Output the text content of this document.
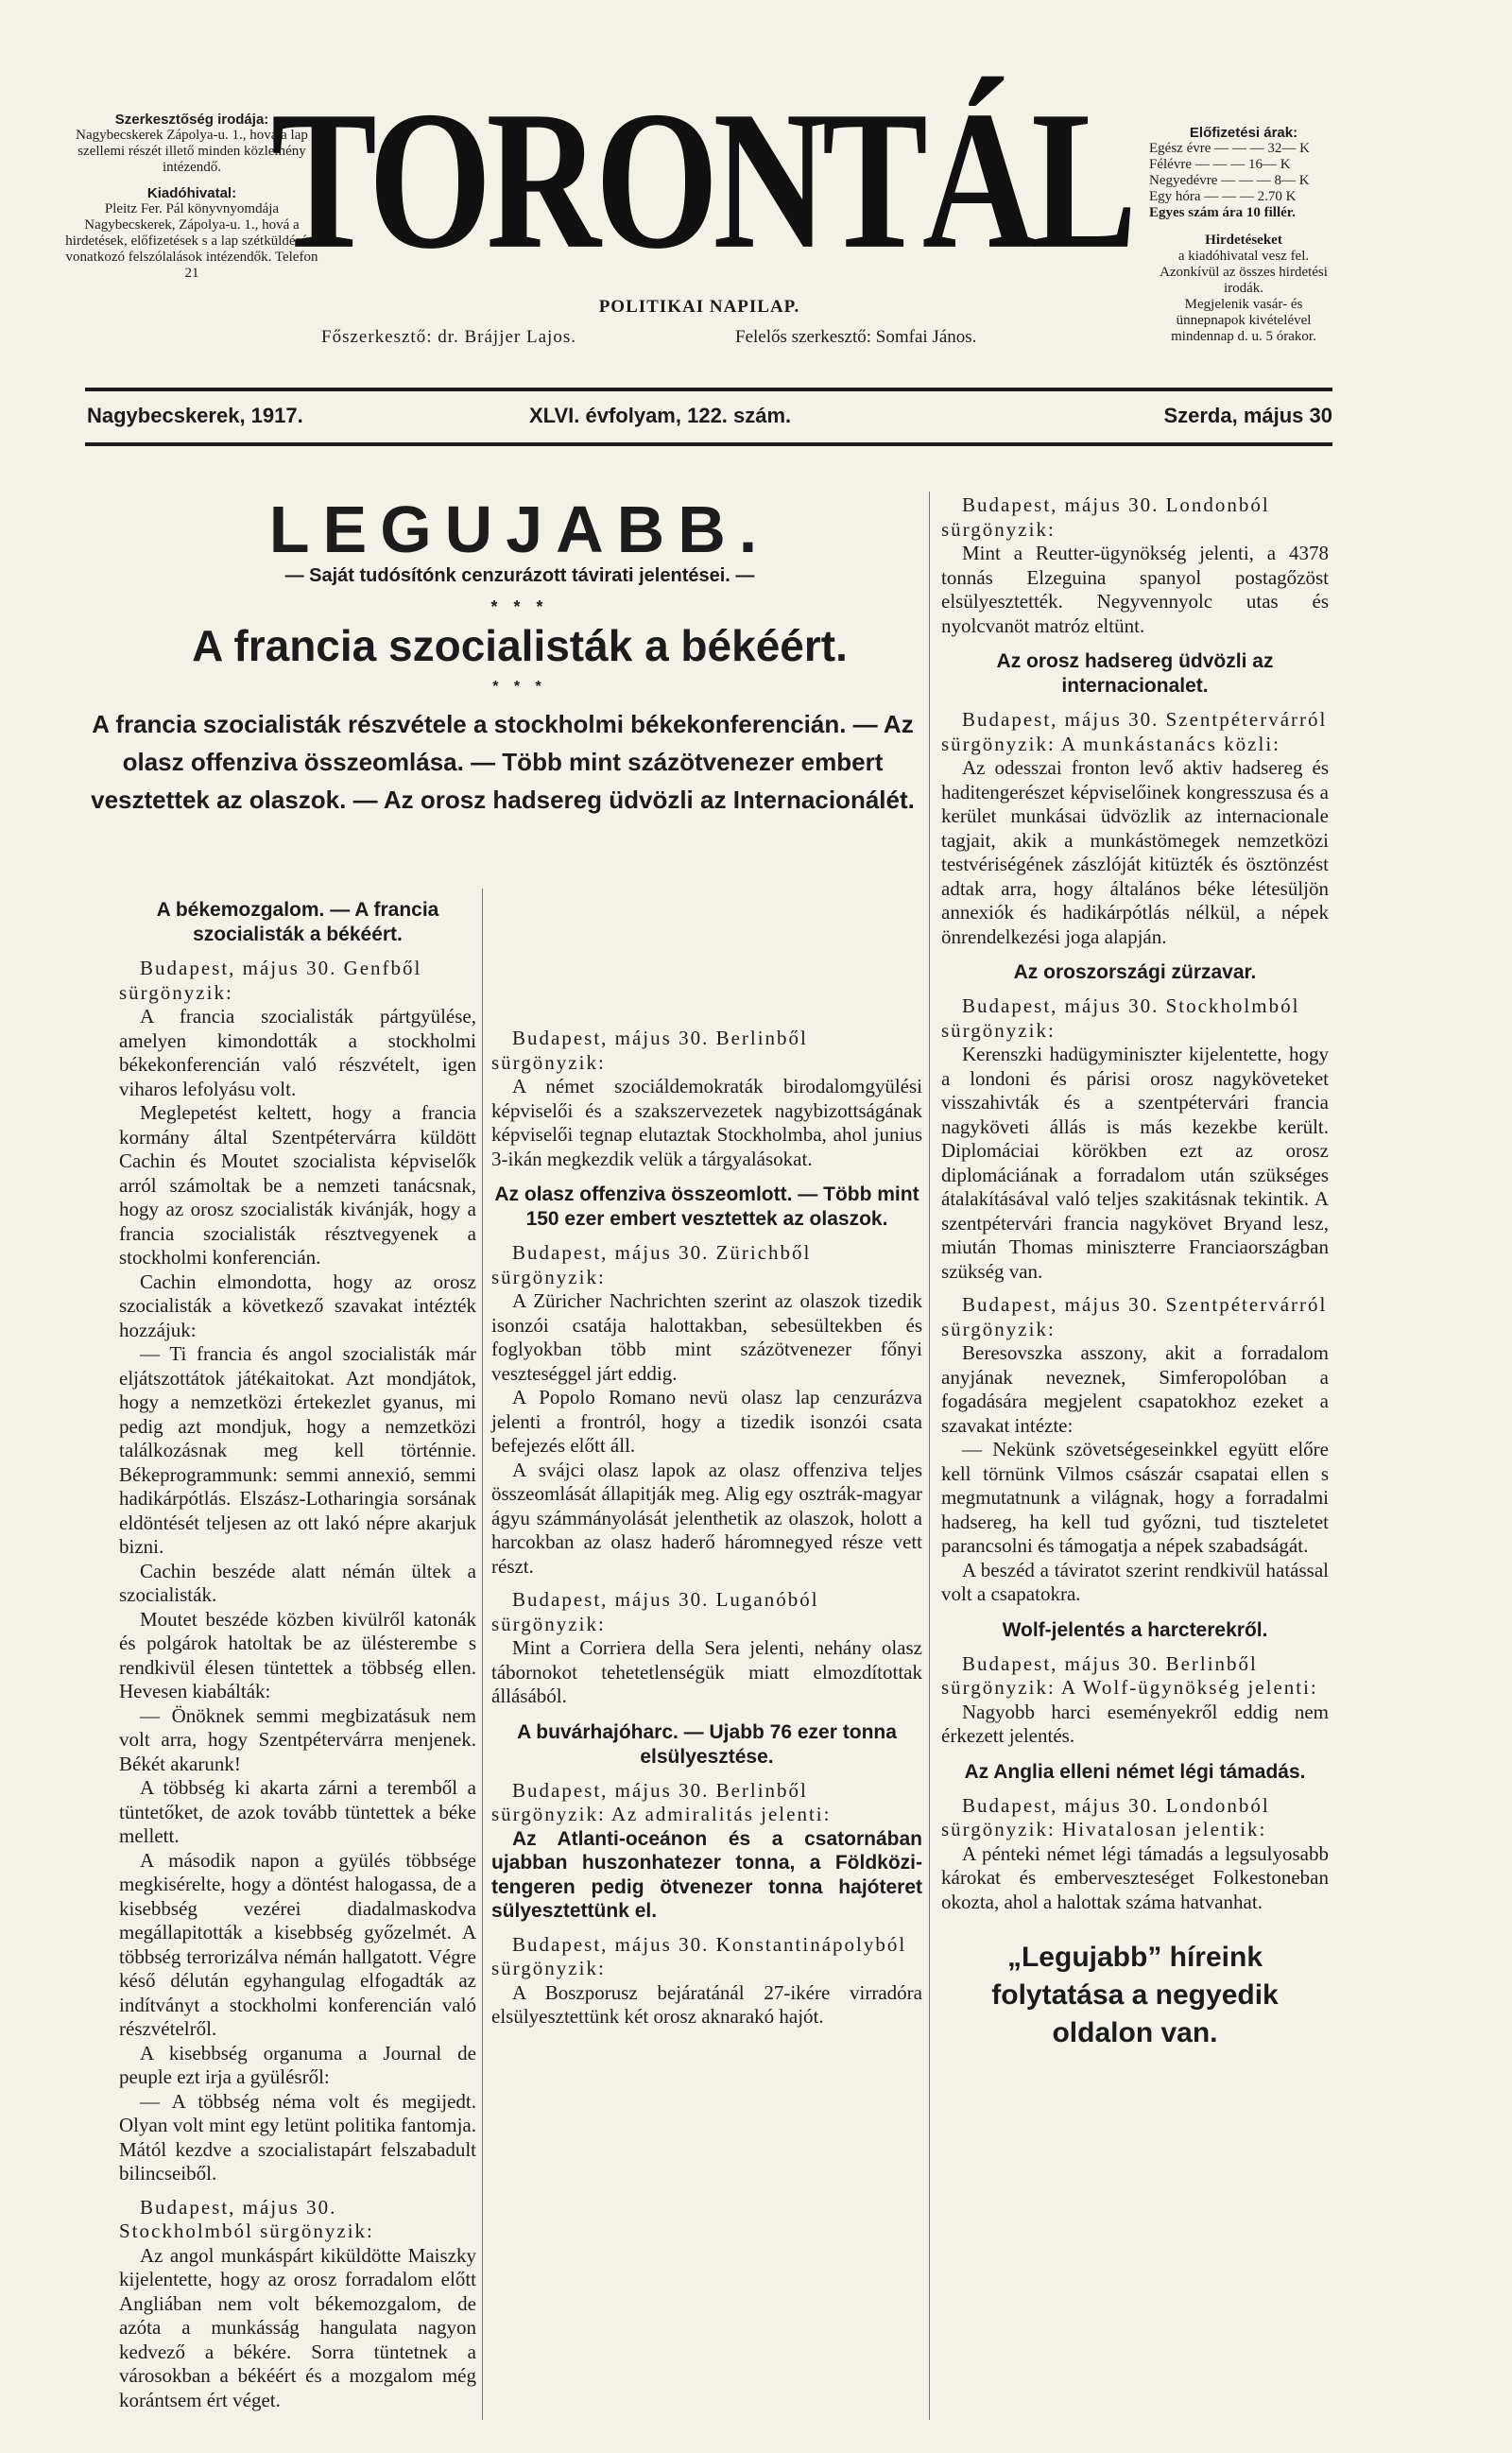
Szerkesztőség irodája:
Nagybecskerek Zápolya-u. 1., hová a lap szellemi részét illető minden közlemény intézendő.
Kiadóhivatal:
Pleitz Fer. Pál könyvnyomdája Nagybecskerek, Zápolya-u. 1., hová a hirdetések, előfizetések s a lap szétküldésére vonatkozó felszólalások intézendők. Telefon 21 TORONTÁL
POLITIKAI NAPILAP.
Főszerkesztő: dr. Brájjer Lajos.	Felelős szerkesztő: Somfai János.
Előfizetési árak:
Egész évre — — — 32— K
Félévre — — — 16— K
Negyedévre — — — 8— K
Egy hóra — — — 2.70 K
Egyes szám ára 10 fillér.
Hirdetéseket
a kiadóhivatal vesz fel. Azonkívül az összes hirdetési irodák.
Megjelenik vasár- és ünnepnapok kivételével mindennap d. u. 5 órakor.
Nagybecskerek, 1917.	XLVI. évfolyam, 122. szám.	Szerda, május 30
LEGUJABB.
— Saját tudósítónk cenzurázott távirati jelentései. —
* * *
A francia szocialisták a békéért.
* * *
A francia szocialisták részvétele a stockholmi békekonferencián. — Az olasz offenziva összeomlása. — Több mint százötvenezer embert vesztettek az olaszok. — Az orosz hadsereg üdvözli az Internacionálét.
A békemozgalom. — A francia szocialisták a békéért.
Budapest, május 30. Genfből sürgönyzik:

A francia szocialisták pártgyülése, amelyen kimondották a stockholmi békekonferencián való részvételt, igen viharos lefolyásu volt.

Meglepetést keltett, hogy a francia kormány által Szentpétervárra küldött Cachin és Moutet szocialista képviselők arról számoltak be a nemzeti tanácsnak, hogy az orosz szocialisták kivánják, hogy a francia szocialisták résztvegyenek a stockholmi konferencián.

Cachin elmondotta, hogy az orosz szocialisták a következő szavakat intézték hozzájuk:

— Ti francia és angol szocialisták már eljátszottátok játékaitokat. Azt mondjátok, hogy a nemzetközi értekezlet gyanus, mi pedig azt mondjuk, hogy a nemzetközi találkozásnak meg kell történnie. Békeprogrammunk: semmi annexió, semmi hadikárpótlás. Elszász-Lotharingia sorsának eldöntését teljesen az ott lakó népre akarjuk bizni.

Cachin beszéde alatt némán ültek a szocialisták.

Moutet beszéde közben kivülről katonák és polgárok hatoltak be az ülésterembe s rendkivül élesen tüntettek a többség ellen. Hevesen kiabálták:

— Önöknek semmi megbizatásuk nem volt arra, hogy Szentpétervárra menjenek. Békét akarunk!

A többség ki akarta zárni a teremből a tüntetőket, de azok tovább tüntettek a béke mellett.

A második napon a gyülés többsége megkisérelte, hogy a döntést halogassa, de a kisebbség vezérei diadalmaskodva megállapitották a kisebbség győzelmét. A többség terrorizálva némán hallgatott. Végre késő délután egyhangulag elfogadták az indítványt a stockholmi konferencián való részvételről.

A kisebbség organuma a Journal de peuple ezt irja a gyülésről:

— A többség néma volt és megijedt. Olyan volt mint egy letünt politika fantomja. Mától kezdve a szocialistapárt felszabadult bilincseiből.

Budapest, május 30. Stockholmból sürgönyzik:

Az angol munkáspárt kiküldötte Maiszky kijelentette, hogy az orosz forradalom előtt Angliában nem volt békemozgalom, de azóta a munkásság hangulata nagyon kedvező a békére. Sorra tüntetnek a városokban a békéért és a mozgalom még korántsem ért véget.

Budapest, május 30. Berlinből sürgönyzik:

A német szociáldemokraták birodalomgyülési képviselői és a szakszervezetek nagybizottságának képviselői tegnap elutaztak Stockholmba, ahol junius 3-ikán megkezdik velük a tárgyalásokat.

Az olasz offenziva összeomlott. — Több mint 150 ezer embert vesztettek az olaszok.
Budapest, május 30. Zürichből sürgönyzik:

A Züricher Nachrichten szerint az olaszok tizedik isonzói csatája halottakban, sebesültekben és foglyokban több mint százötvenezer főnyi veszteséggel járt eddig.

A Popolo Romano nevü olasz lap cenzurázva jelenti a frontról, hogy a tizedik isonzói csata befejezés előtt áll.

A svájci olasz lapok az olasz offenziva teljes összeomlását állapitják meg. Alig egy osztrák-magyar ágyu számmányolását jelenthetik az olaszok, holott a harcokban az olasz haderő háromnegyed része vett részt.

Budapest, május 30. Luganóból sürgönyzik:

Mint a Corriera della Sera jelenti, nehány olasz tábornokot tehetetlenségük miatt elmozdítottak állásából.

A buvárhajóharc. — Ujabb 76 ezer tonna elsülyesztése.
Budapest, május 30. Berlinből sürgönyzik: Az admiralitás jelenti:

Az Atlanti-oceánon és a csatornában ujabban huszonhatezer tonna, a Földközi-tengeren pedig ötvenezer tonna hajóteret sülyesztettünk el.

Budapest, május 30. Konstantinápolyból sürgönyzik:

A Boszporusz bejáratánál 27-ikére virradóra elsülyesztettünk két orosz aknarakó hajót.

Budapest, május 30. Londonból sürgönyzik:

Mint a Reutter-ügynökség jelenti, a 4378 tonnás Elzeguina spanyol postagőzöst elsülyesztették. Negyvennyolc utas és nyolcvanöt matróz eltünt.

Az orosz hadsereg üdvözli az internacionalet.
Budapest, május 30. Szentpétervárról sürgönyzik: A munkástanács közli:

Az odesszai fronton levő aktiv hadsereg és haditengerészet képviselőinek kongresszusa és a kerület munkásai üdvözlik az internacionale tagjait, akik a munkástömegek nemzetközi testvériségének zászlóját kitüzték és ösztönzést adtak arra, hogy általános béke létesüljön annexiók és hadikárpótlás nélkül, a népek önrendelkezési joga alapján.

Az oroszországi zürzavar.
Budapest, május 30. Stockholmból sürgönyzik:

Kerenszki hadügyminiszter kijelentette, hogy a londoni és párisi orosz nagyköveteket visszahivták és a szentpétervári francia nagyköveti állás is más kezekbe került. Diplomáciai körökben ezt az orosz diplomáciának a forradalom után szükséges átalakításával való teljes szakitásnak tekintik. A szentpétervári francia nagykövet Bryand lesz, miután Thomas miniszterre Franciaországban szükség van.

Budapest, május 30. Szentpétervárról sürgönyzik:

Beresovszka asszony, akit a forradalom anyjának neveznek, Simferopolóban a fogadására megjelent csapatokhoz ezeket a szavakat intézte:

— Nekünk szövetségeseinkkel együtt előre kell törnünk Vilmos császár csapatai ellen s megmutatnunk a világnak, hogy a forradalmi hadsereg, ha kell tud győzni, tud tiszteletet parancsolni és támogatja a népek szabadságát.

A beszéd a táviratot szerint rendkivül hatással volt a csapatokra.

Wolf-jelentés a harcterekről.
Budapest, május 30. Berlinből sürgönyzik: A Wolf-ügynökség jelenti:

Nagyobb harci eseményekről eddig nem érkezett jelentés.

Az Anglia elleni német légi támadás.
Budapest, május 30. Londonból sürgönyzik: Hivatalosan jelentik:

A pénteki német légi támadás a legsulyosabb károkat és emberveszteséget Folkestoneban okozta, ahol a halottak száma hatvanhat.

„Legujabb” híreink folytatása a negyedik oldalon van.
